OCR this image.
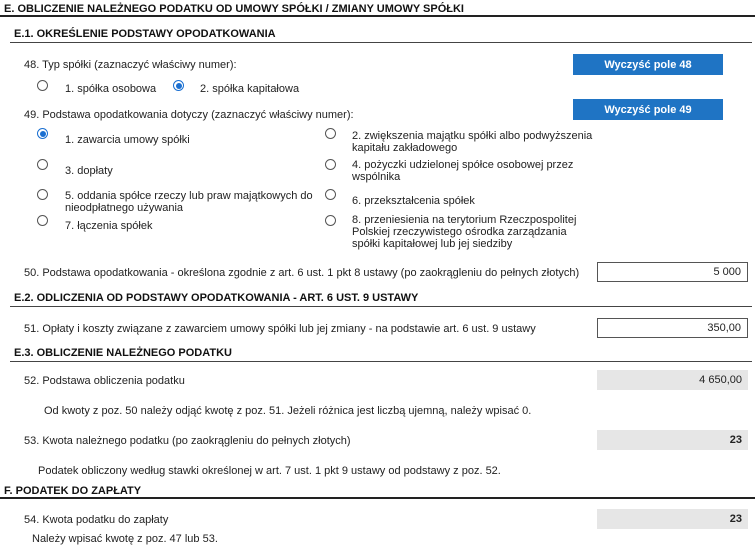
E. OBLICZENIE NALEŻNEGO PODATKU OD UMOWY SPÓŁKI / ZMIANY UMOWY SPÓŁKI
E.1. OKREŚLENIE PODSTAWY OPODATKOWANIA
48. Typ spółki (zaznaczyć właściwy numer):	Wyczyść pole 48
1. spółka osobowa	2. spółka kapitałowa
49. Podstawa opodatkowania dotyczy (zaznaczyć właściwy numer):	Wyczyść pole 49
1. zawarcia umowy spółki	2. zwiększenia majątku spółki albo podwyższenia kapitału zakładowego
3. dopłaty	4. pożyczki udzielonej spółce osobowej przez wspólnika
5. oddania spółce rzeczy lub praw majątkowych do nieodpłatnego używania
6. przekształcenia spółek
7. łączenia spółek	8. przeniesienia na terytorium Rzeczpospolitej Polskiej rzeczywistego ośrodka zarządzania spółki kapitałowej lub jej siedziby
50. Podstawa opodatkowania - określona zgodnie z art. 6 ust. 1 pkt 8 ustawy (po zaokrągleniu do pełnych złotych)	5 000
E.2. ODLICZENIA OD PODSTAWY OPODATKOWANIA - ART. 6 UST. 9 USTAWY
51. Opłaty i koszty związane z zawarciem umowy spółki lub jej zmiany - na podstawie art. 6 ust. 9 ustawy	350,00
E.3. OBLICZENIE NALEŻNEGO PODATKU
52. Podstawa obliczenia podatku	4 650,00
Od kwoty z poz. 50 należy odjąć kwotę z poz. 51. Jeżeli różnica jest liczbą ujemną, należy wpisać 0.
53. Kwota należnego podatku (po zaokrągleniu do pełnych złotych)	23
Podatek obliczony według stawki określonej w art. 7 ust. 1 pkt 9 ustawy od podstawy z poz. 52.
F. PODATEK DO ZAPŁATY
54. Kwota podatku do zapłaty	23
Należy wpisać kwotę z poz. 47 lub 53.
